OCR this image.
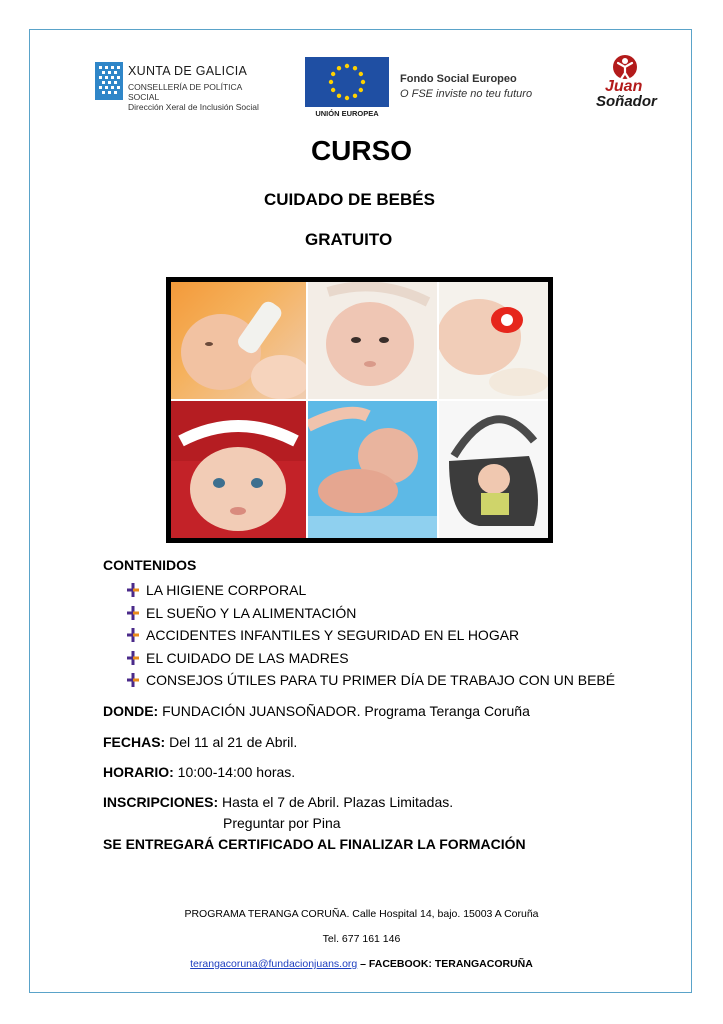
XUNTA DE GALICIA
CONSELLERÍA DE POLÍTICA
SOCIAL
Dirección Xeral de Inclusión Social
UNIÓN EUROPEA
Fondo Social Europeo
O FSE inviste no teu futuro	Juan
Soñador
CURSO
CUIDADO DE BEBÉS
GRATUITO
CONTENIDOS
LA HIGIENE CORPORAL
EL SUEÑO Y LA ALIMENTACIÓN
ACCIDENTES INFANTILES Y SEGURIDAD EN EL HOGAR
EL CUIDADO DE LAS MADRES
CONSEJOS ÚTILES PARA TU PRIMER DÍA DE TRABAJO CON UN BEBÉ
DONDE: FUNDACIÓN JUANSOÑADOR. Programa Teranga Coruña
FECHAS: Del 11 al 21 de Abril.
HORARIO: 10:00-14:00 horas.
INSCRIPCIONES: Hasta el 7 de Abril. Plazas Limitadas.
Preguntar por Pina
SE ENTREGARÁ CERTIFICADO AL FINALIZAR LA FORMACIÓN
PROGRAMA TERANGA CORUÑA. Calle Hospital 14, bajo. 15003 A Coruña
Tel. 677 161 146
terangacoruna@fundacionjuans.org – FACEBOOK: TERANGACORUÑA
